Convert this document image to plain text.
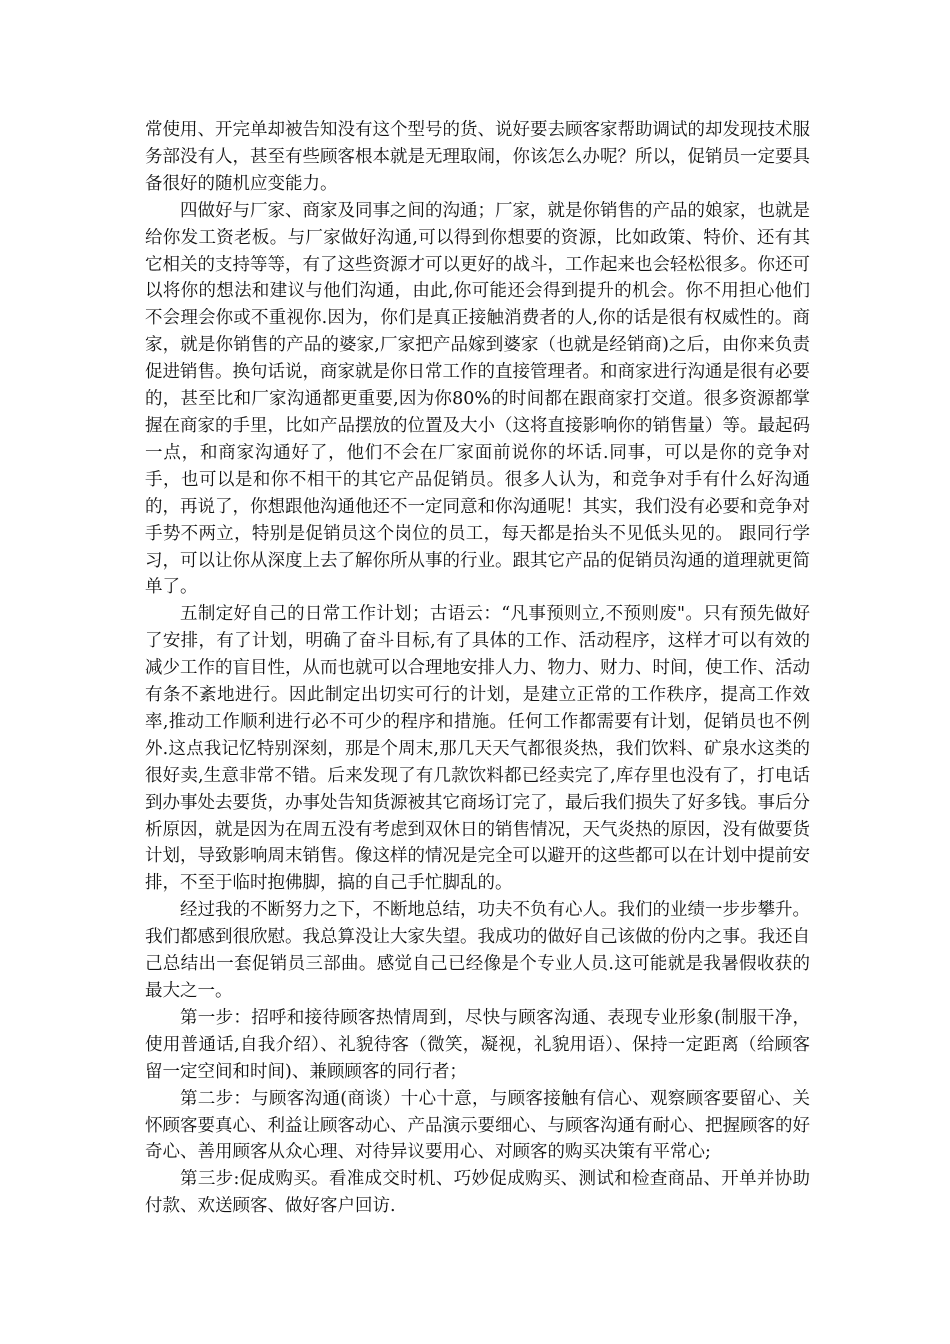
常使用、开完单却被告知没有这个型号的货、说好要去顾客家帮助调试的却发现技术服务部没有人，甚至有些顾客根本就是无理取闹，你该怎么办呢？所以，促销员一定要具备很好的随机应变能力。

四做好与厂家、商家及同事之间的沟通；厂家，就是你销售的产品的娘家，也就是给你发工资老板。与厂家做好沟通,可以得到你想要的资源，比如政策、特价、还有其它相关的支持等等，有了这些资源才可以更好的战斗，工作起来也会轻松很多。你还可以将你的想法和建议与他们沟通，由此,你可能还会得到提升的机会。你不用担心他们不会理会你或不重视你.因为，你们是真正接触消费者的人,你的话是很有权威性的。商家，就是你销售的产品的婆家,厂家把产品嫁到婆家（也就是经销商)之后，由你来负责促进销售。换句话说，商家就是你日常工作的直接管理者。和商家进行沟通是很有必要的，甚至比和厂家沟通都更重要,因为你80%的时间都在跟商家打交道。很多资源都掌握在商家的手里，比如产品摆放的位置及大小（这将直接影响你的销售量）等。最起码一点，和商家沟通好了，他们不会在厂家面前说你的坏话.同事，可以是你的竞争对手，也可以是和你不相干的其它产品促销员。很多人认为，和竞争对手有什么好沟通的，再说了，你想跟他沟通他还不一定同意和你沟通呢！其实，我们没有必要和竞争对手势不两立，特别是促销员这个岗位的员工，每天都是抬头不见低头见的。 跟同行学习，可以让你从深度上去了解你所从事的行业。跟其它产品的促销员沟通的道理就更简单了。

五制定好自己的日常工作计划；古语云：“凡事预则立,不预则废"。只有预先做好了安排，有了计划，明确了奋斗目标,有了具体的工作、活动程序，这样才可以有效的减少工作的盲目性，从而也就可以合理地安排人力、物力、财力、时间，使工作、活动有条不紊地进行。因此制定出切实可行的计划，是建立正常的工作秩序，提高工作效率,推动工作顺利进行必不可少的程序和措施。任何工作都需要有计划，促销员也不例外.这点我记忆特别深刻，那是个周末,那几天天气都很炎热，我们饮料、矿泉水这类的很好卖,生意非常不错。后来发现了有几款饮料都已经卖完了,库存里也没有了，打电话到办事处去要货，办事处告知货源被其它商场订完了，最后我们损失了好多钱。事后分析原因，就是因为在周五没有考虑到双休日的销售情况，天气炎热的原因，没有做要货计划，导致影响周末销售。像这样的情况是完全可以避开的这些都可以在计划中提前安排，不至于临时抱佛脚，搞的自己手忙脚乱的。

经过我的不断努力之下，不断地总结，功夫不负有心人。我们的业绩一步步攀升。我们都感到很欣慰。我总算没让大家失望。我成功的做好自己该做的份内之事。我还自己总结出一套促销员三部曲。感觉自己已经像是个专业人员.这可能就是我暑假收获的最大之一。

第一步：招呼和接待顾客热情周到，尽快与顾客沟通、表现专业形象(制服干净，使用普通话,自我介绍）、礼貌待客（微笑，凝视，礼貌用语）、保持一定距离（给顾客留一定空间和时间)、兼顾顾客的同行者；

第二步：与顾客沟通(商谈）十心十意，与顾客接触有信心、观察顾客要留心、关怀顾客要真心、利益让顾客动心、产品演示要细心、与顾客沟通有耐心、把握顾客的好奇心、善用顾客从众心理、对待异议要用心、对顾客的购买决策有平常心;

第三步:促成购买。看准成交时机、巧妙促成购买、测试和检查商品、开单并协助付款、欢送顾客、做好客户回访.
